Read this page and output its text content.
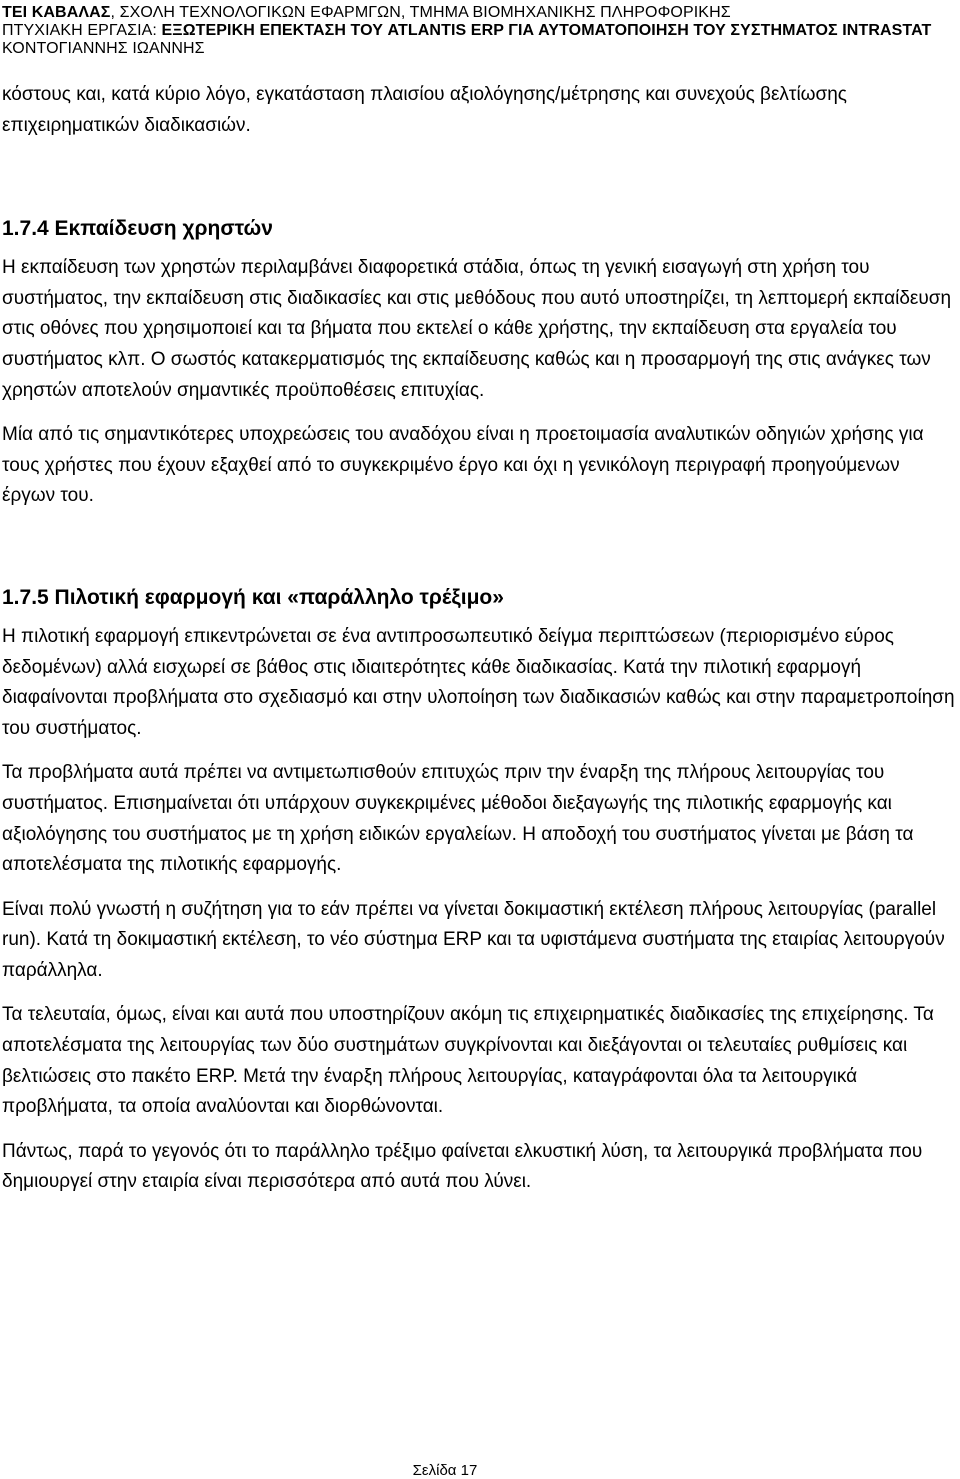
ΤΕΙ ΚΑΒΑΛΑΣ, ΣΧΟΛΗ ΤΕΧΝΟΛΟΓΙΚΩΝ ΕΦΑΡΜΓΩΝ, ΤΜΗΜΑ ΒΙΟΜΗΧΑΝΙΚΗΣ ΠΛΗΡΟΦΟΡΙΚΗΣ
ΠΤΥΧΙΑΚΗ ΕΡΓΑΣΙΑ: ΕΞΩΤΕΡΙΚΗ ΕΠΕΚΤΑΣΗ ΤΟΥ ATLANTIS ERP ΓΙΑ ΑΥΤΟΜΑΤΟΠΟΙΗΣΗ ΤΟΥ ΣΥΣΤΗΜΑΤΟΣ INTRASTAT
ΚΟΝΤΟΓΙΑΝΝΗΣ ΙΩΑΝΝΗΣ

κόστους και, κατά κύριο λόγο, εγκατάσταση πλαισίου αξιολόγησης/μέτρησης και συνεχούς βελτίωσης επιχειρηματικών διαδικασιών.

1.7.4 Εκπαίδευση χρηστών

Η εκπαίδευση των χρηστών περιλαμβάνει διαφορετικά στάδια, όπως τη γενική εισαγωγή στη χρήση του συστήματος, την εκπαίδευση στις διαδικασίες και στις μεθόδους που αυτό υποστηρίζει, τη λεπτομερή εκπαίδευση στις οθόνες που χρησιμοποιεί και τα βήματα που εκτελεί ο κάθε χρήστης, την εκπαίδευση στα εργαλεία του συστήματος κλπ. Ο σωστός κατακερματισμός της εκπαίδευσης καθώς και η προσαρμογή της στις ανάγκες των χρηστών αποτελούν σημαντικές προϋποθέσεις επιτυχίας.

Μία από τις σημαντικότερες υποχρεώσεις του αναδόχου είναι η προετοιμασία αναλυτικών οδηγιών χρήσης για τους χρήστες που έχουν εξαχθεί από το συγκεκριμένο έργο και όχι η γενικόλογη περιγραφή προηγούμενων έργων του.

1.7.5 Πιλοτική εφαρμογή και «παράλληλο τρέξιμο»

Η πιλοτική εφαρμογή επικεντρώνεται σε ένα αντιπροσωπευτικό δείγμα περιπτώσεων (περιορισμένο εύρος δεδομένων) αλλά εισχωρεί σε βάθος στις ιδιαιτερότητες κάθε διαδικασίας. Κατά την πιλοτική εφαρμογή διαφαίνονται προβλήματα στο σχεδιασμό και στην υλοποίηση των διαδικασιών καθώς και στην παραμετροποίηση του συστήματος.

Τα προβλήματα αυτά πρέπει να αντιμετωπισθούν επιτυχώς πριν την έναρξη της πλήρους λειτουργίας του συστήματος. Επισημαίνεται ότι υπάρχουν συγκεκριμένες μέθοδοι διεξαγωγής της πιλοτικής εφαρμογής και αξιολόγησης του συστήματος με τη χρήση ειδικών εργαλείων. Η αποδοχή του συστήματος γίνεται με βάση τα αποτελέσματα της πιλοτικής εφαρμογής.

Είναι πολύ γνωστή η συζήτηση για το εάν πρέπει να γίνεται δοκιμαστική εκτέλεση πλήρους λειτουργίας (parallel run). Κατά τη δοκιμαστική εκτέλεση, το νέο σύστημα ERP και τα υφιστάμενα συστήματα της εταιρίας λειτουργούν παράλληλα.

Τα τελευταία, όμως, είναι και αυτά που υποστηρίζουν ακόμη τις επιχειρηματικές διαδικασίες της επιχείρησης. Τα αποτελέσματα της λειτουργίας των δύο συστημάτων συγκρίνονται και διεξάγονται οι τελευταίες ρυθμίσεις και βελτιώσεις στο πακέτο ERP. Μετά την έναρξη πλήρους λειτουργίας, καταγράφονται όλα τα λειτουργικά προβλήματα, τα οποία αναλύονται και διορθώνονται.

Πάντως, παρά το γεγονός ότι το παράλληλο τρέξιμο φαίνεται ελκυστική λύση, τα λειτουργικά προβλήματα που δημιουργεί στην εταιρία είναι περισσότερα από αυτά που λύνει.

Σελίδα 17
